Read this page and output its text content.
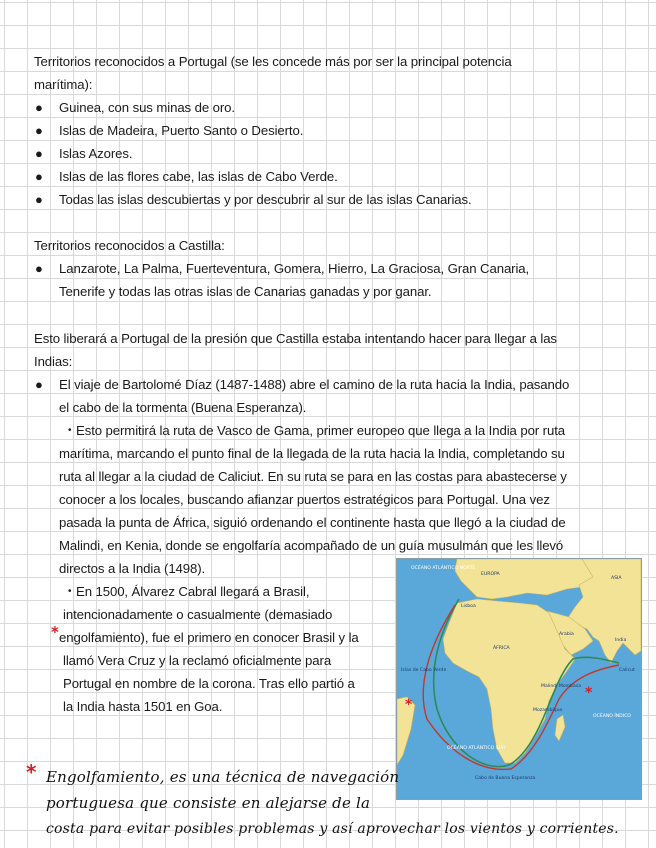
Territorios reconocidos a Portugal (se les concede más por ser la principal potencia
marítima):
● Guinea, con sus minas de oro.
● Islas de Madeira, Puerto Santo o Desierto.
● Islas Azores.
● Islas de las flores cabe, las islas de Cabo Verde.
● Todas las islas descubiertas y por descubrir al sur de las islas Canarias.
Territorios reconocidos a Castilla:
● Lanzarote, La Palma, Fuerteventura, Gomera, Hierro, La Graciosa, Gran Canaria,
Tenerife y todas las otras islas de Canarias ganadas y por ganar.
Esto liberará a Portugal de la presión que Castilla estaba intentando hacer para llegar a las
Indias:
● El viaje de Bartolomé Díaz (1487-1488) abre el camino de la ruta hacia la India, pasando
el cabo de la tormenta (Buena Esperanza).
• Esto permitirá la ruta de Vasco de Gama, primer europeo que llega a la India por ruta
marítima, marcando el punto final de la llegada de la ruta hacia la India, completando su
ruta al llegar a la ciudad de Caliciut. En su ruta se para en las costas para abastecerse y
conocer a los locales, buscando afianzar puertos estratégicos para Portugal. Una vez
pasada la punta de África, siguió ordenando el continente hasta que llegó a la ciudad de
Malindi, en Kenia, donde se engolfaría acompañado de un guía musulmán que les llevó
directos a la India (1498).
• En 1500, Álvarez Cabral llegará a Brasil,
intencionadamente o casualmente (demasiado
* engolfamiento), fue el primero en conocer Brasil y la
llamó Vera Cruz y la reclamó oficialmente para
Portugal en nombre de la corona. Tras ello partió a
la India hasta 1501 en Goa.	*
*
OCÉANO ATLÁNTICO NORTE
EUROPA
ASIA
ÁFRICA
Arabia
India
Calicut
Malindi Mombasa
Mozambique
OCÉANO ÍNDICO
OCÉANO ATLÁNTICO SUR
Cabo de Buena Esperanza
Lisboa
Islas de Cabo Verde
* Engolfamiento, es una técnica de navegación
portuguesa que consiste en alejarse de la
costa para evitar posibles problemas y así aprovechar los vientos y corrientes.
